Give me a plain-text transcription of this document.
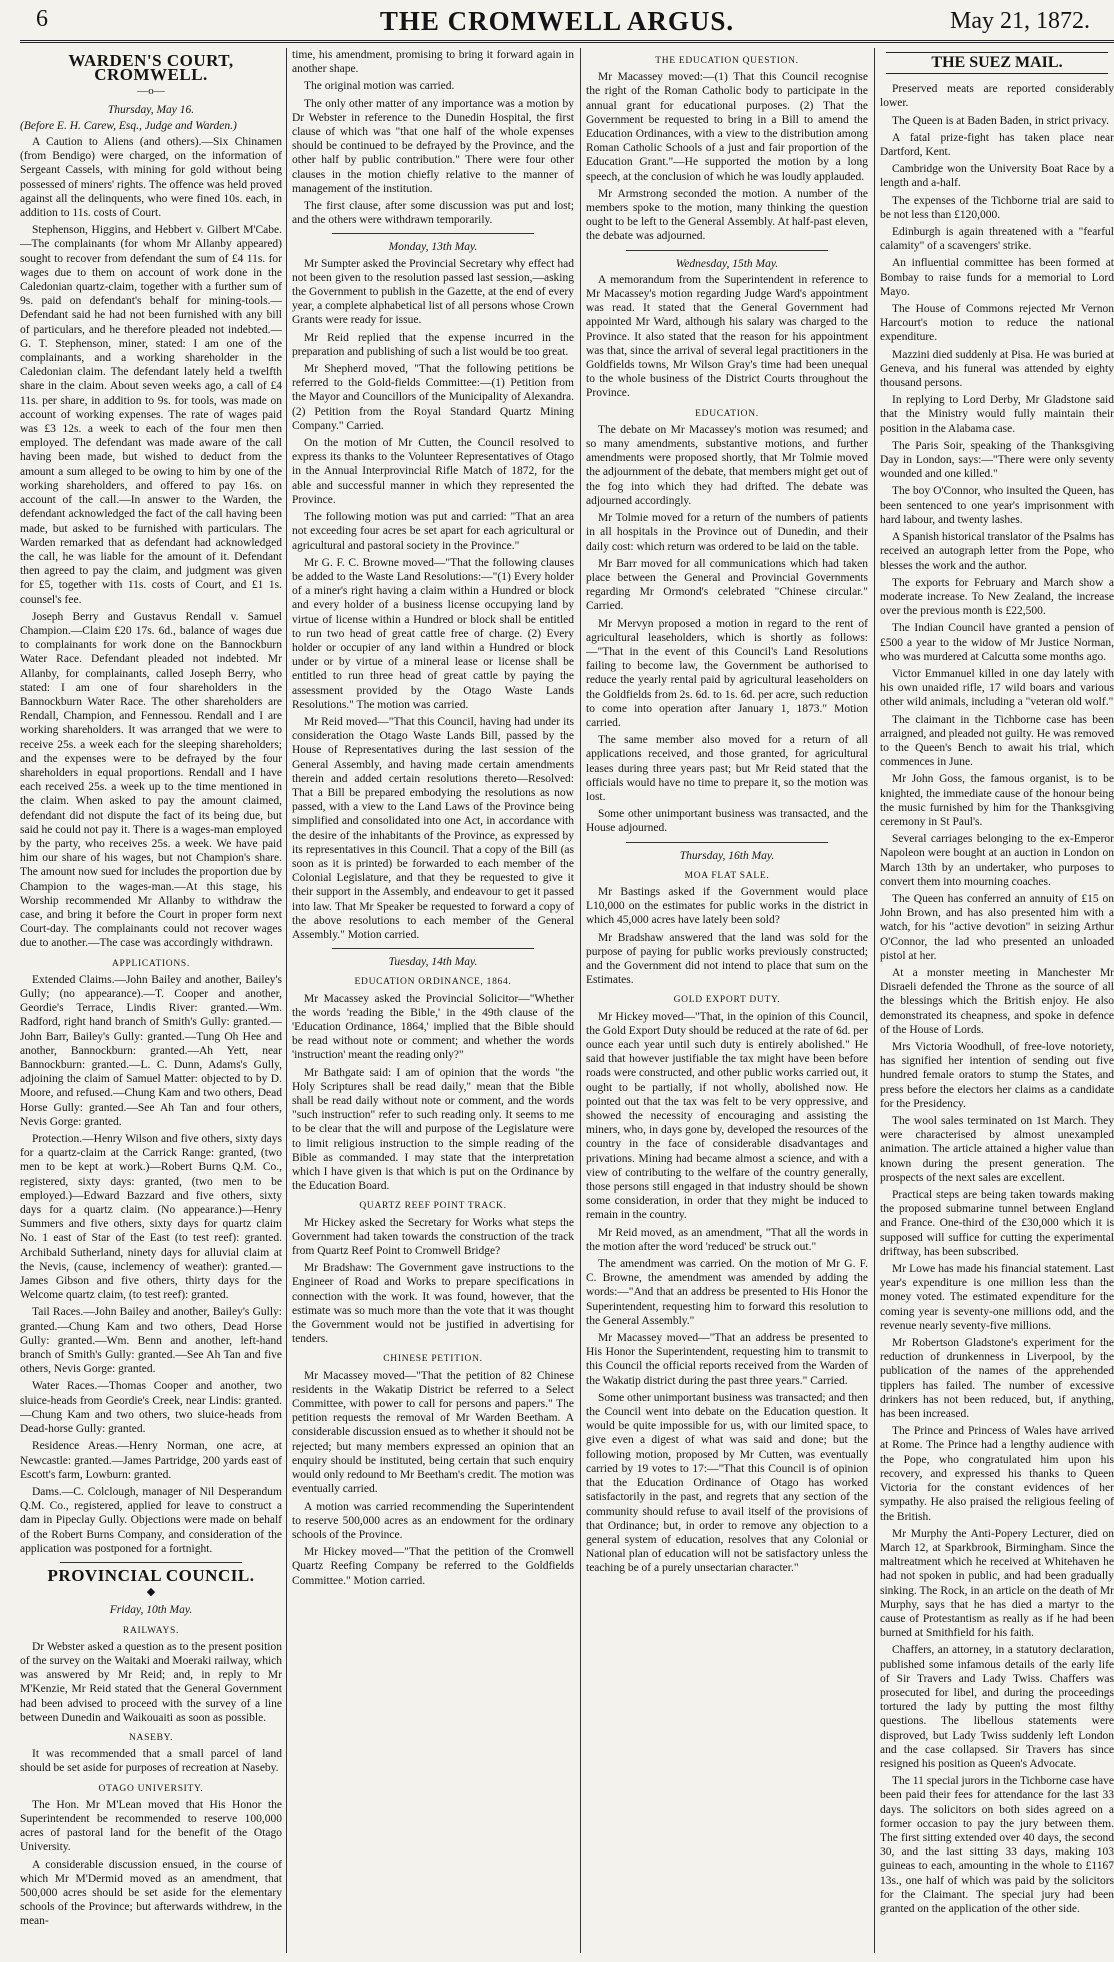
6	THE CROMWELL ARGUS.	May 21, 1872.
WARDEN'S COURT, CROMWELL.
—o—
Thursday, May 16.
(Before E. H. Carew, Esq., Judge and Warden.)

A Caution to Aliens (and others).—Six Chinamen (from Bendigo) were charged, on the information of Sergeant Cassels, with mining for gold without being possessed of miners' rights. The offence was held proved against all the delinquents, who were fined 10s. each, in addition to 11s. costs of Court.

Stephenson, Higgins, and Hebbert v. Gilbert M'Cabe.—The complainants (for whom Mr Allanby appeared) sought to recover from defendant the sum of £4 11s. for wages due to them on account of work done in the Caledonian quartz-claim, together with a further sum of 9s. paid on defendant's behalf for mining-tools.—Defendant said he had not been furnished with any bill of particulars, and he therefore pleaded not indebted.—G. T. Stephenson, miner, stated: I am one of the complainants, and a working shareholder in the Caledonian claim. The defendant lately held a twelfth share in the claim. About seven weeks ago, a call of £4 11s. per share, in addition to 9s. for tools, was made on account of working expenses. The rate of wages paid was £3 12s. a week to each of the four men then employed. The defendant was made aware of the call having been made, but wished to deduct from the amount a sum alleged to be owing to him by one of the working shareholders, and offered to pay 16s. on account of the call.—In answer to the Warden, the defendant acknowledged the fact of the call having been made, but asked to be furnished with particulars. The Warden remarked that as defendant had acknowledged the call, he was liable for the amount of it. Defendant then agreed to pay the claim, and judgment was given for £5, together with 11s. costs of Court, and £1 1s. counsel's fee.

Joseph Berry and Gustavus Rendall v. Samuel Champion.—Claim £20 17s. 6d., balance of wages due to complainants for work done on the Bannockburn Water Race. Defendant pleaded not indebted. Mr Allanby, for complainants, called Joseph Berry, who stated: I am one of four shareholders in the Bannockburn Water Race. The other shareholders are Rendall, Champion, and Fennessou. Rendall and I are working shareholders. It was arranged that we were to receive 25s. a week each for the sleeping shareholders; and the expenses were to be defrayed by the four shareholders in equal proportions. Rendall and I have each received 25s. a week up to the time mentioned in the claim. When asked to pay the amount claimed, defendant did not dispute the fact of its being due, but said he could not pay it. There is a wages-man employed by the party, who receives 25s. a week. We have paid him our share of his wages, but not Champion's share. The amount now sued for includes the proportion due by Champion to the wages-man.—At this stage, his Worship recommended Mr Allanby to withdraw the case, and bring it before the Court in proper form next Court-day. The complainants could not recover wages due to another.—The case was accordingly withdrawn.

APPLICATIONS.

Extended Claims.—John Bailey and another, Bailey's Gully; (no appearance).—T. Cooper and another, Geordie's Terrace, Lindis River: granted.—Wm. Radford, right hand branch of Smith's Gully: granted.—John Barr, Bailey's Gully: granted.—Tung Oh Hee and another, Bannockburn: granted.—Ah Yett, near Bannockburn: granted.—L. C. Dunn, Adams's Gully, adjoining the claim of Samuel Matter: objected to by D. Moore, and refused.—Chung Kam and two others, Dead Horse Gully: granted.—See Ah Tan and four others, Nevis Gorge: granted.

Protection.—Henry Wilson and five others, sixty days for a quartz-claim at the Carrick Range: granted, (two men to be kept at work.)—Robert Burns Q.M. Co., registered, sixty days: granted, (two men to be employed.)—Edward Bazzard and five others, sixty days for a quartz claim. (No appearance.)—Henry Summers and five others, sixty days for quartz claim No. 1 east of Star of the East (to test reef): granted. Archibald Sutherland, ninety days for alluvial claim at the Nevis, (cause, inclemency of weather): granted.—James Gibson and five others, thirty days for the Welcome quartz claim, (to test reef): granted.

Tail Races.—John Bailey and another, Bailey's Gully: granted.—Chung Kam and two others, Dead Horse Gully: granted.—Wm. Benn and another, left-hand branch of Smith's Gully: granted.—See Ah Tan and five others, Nevis Gorge: granted.

Water Races.—Thomas Cooper and another, two sluice-heads from Geordie's Creek, near Lindis: granted.—Chung Kam and two others, two sluice-heads from Dead-horse Gully: granted.

Residence Areas.—Henry Norman, one acre, at Newcastle: granted.—James Partridge, 200 yards east of Escott's farm, Lowburn: granted.

Dams.—C. Colclough, manager of Nil Desperandum Q.M. Co., registered, applied for leave to construct a dam in Pipeclay Gully. Objections were made on behalf of the Robert Burns Company, and consideration of the application was postponed for a fortnight.

PROVINCIAL COUNCIL.
◆
Friday, 10th May.
RAILWAYS.

Dr Webster asked a question as to the present position of the survey on the Waitaki and Moeraki railway, which was answered by Mr Reid; and, in reply to Mr M'Kenzie, Mr Reid stated that the General Government had been advised to proceed with the survey of a line between Dunedin and Waikouaiti as soon as possible.

NASEBY.

It was recommended that a small parcel of land should be set aside for purposes of recreation at Naseby.

OTAGO UNIVERSITY.

The Hon. Mr M'Lean moved that His Honor the Superintendent be recommended to reserve 100,000 acres of pastoral land for the benefit of the Otago University.

A considerable discussion ensued, in the course of which Mr M'Dermid moved as an amendment, that 500,000 acres should be set aside for the elementary schools of the Province; but afterwards withdrew, in the mean-

time, his amendment, promising to bring it forward again in another shape.

The original motion was carried.

The only other matter of any importance was a motion by Dr Webster in reference to the Dunedin Hospital, the first clause of which was "that one half of the whole expenses should be continued to be defrayed by the Province, and the other half by public contribution." There were four other clauses in the motion chiefly relative to the manner of management of the institution.

The first clause, after some discussion was put and lost; and the others were withdrawn temporarily.

Monday, 13th May.

Mr Sumpter asked the Provincial Secretary why effect had not been given to the resolution passed last session,—asking the Government to publish in the Gazette, at the end of every year, a complete alphabetical list of all persons whose Crown Grants were ready for issue.

Mr Reid replied that the expense incurred in the preparation and publishing of such a list would be too great.

Mr Shepherd moved, "That the following petitions be referred to the Gold-fields Committee:—(1) Petition from the Mayor and Councillors of the Municipality of Alexandra. (2) Petition from the Royal Standard Quartz Mining Company." Carried.

On the motion of Mr Cutten, the Council resolved to express its thanks to the Volunteer Representatives of Otago in the Annual Interprovincial Rifle Match of 1872, for the able and successful manner in which they represented the Province.

The following motion was put and carried: "That an area not exceeding four acres be set apart for each agricultural or agricultural and pastoral society in the Province."

Mr G. F. C. Browne moved—"That the following clauses be added to the Waste Land Resolutions:—"(1) Every holder of a miner's right having a claim within a Hundred or block and every holder of a business license occupying land by virtue of license within a Hundred or block shall be entitled to run two head of great cattle free of charge. (2) Every holder or occupier of any land within a Hundred or block under or by virtue of a mineral lease or license shall be entitled to run three head of great cattle by paying the assessment provided by the Otago Waste Lands Resolutions." The motion was carried.

Mr Reid moved—"That this Council, having had under its consideration the Otago Waste Lands Bill, passed by the House of Representatives during the last session of the General Assembly, and having made certain amendments therein and added certain resolutions thereto—Resolved: That a Bill be prepared embodying the resolutions as now passed, with a view to the Land Laws of the Province being simplified and consolidated into one Act, in accordance with the desire of the inhabitants of the Province, as expressed by its representatives in this Council. That a copy of the Bill (as soon as it is printed) be forwarded to each member of the Colonial Legislature, and that they be requested to give it their support in the Assembly, and endeavour to get it passed into law. That Mr Speaker be requested to forward a copy of the above resolutions to each member of the General Assembly." Motion carried.

Tuesday, 14th May.
EDUCATION ORDINANCE, 1864.

Mr Macassey asked the Provincial Solicitor—"Whether the words 'reading the Bible,' in the 49th clause of the 'Education Ordinance, 1864,' implied that the Bible should be read without note or comment; and whether the words 'instruction' meant the reading only?"

Mr Bathgate said: I am of opinion that the words "the Holy Scriptures shall be read daily," mean that the Bible shall be read daily without note or comment, and the words "such instruction" refer to such reading only. It seems to me to be clear that the will and purpose of the Legislature were to limit religious instruction to the simple reading of the Bible as commanded. I may state that the interpretation which I have given is that which is put on the Ordinance by the Education Board.

QUARTZ REEF POINT TRACK.

Mr Hickey asked the Secretary for Works what steps the Government had taken towards the construction of the track from Quartz Reef Point to Cromwell Bridge?

Mr Bradshaw: The Government gave instructions to the Engineer of Road and Works to prepare specifications in connection with the work. It was found, however, that the estimate was so much more than the vote that it was thought the Government would not be justified in advertising for tenders.

CHINESE PETITION.

Mr Macassey moved—"That the petition of 82 Chinese residents in the Wakatip District be referred to a Select Committee, with power to call for persons and papers." The petition requests the removal of Mr Warden Beetham. A considerable discussion ensued as to whether it should not be rejected; but many members expressed an opinion that an enquiry should be instituted, being certain that such enquiry would only redound to Mr Beetham's credit. The motion was eventually carried.

A motion was carried recommending the Superintendent to reserve 500,000 acres as an endowment for the ordinary schools of the Province.

Mr Hickey moved—"That the petition of the Cromwell Quartz Reefing Company be referred to the Goldfields Committee." Motion carried.

THE EDUCATION QUESTION.

Mr Macassey moved:—(1) That this Council recognise the right of the Roman Catholic body to participate in the annual grant for educational purposes. (2) That the Government be requested to bring in a Bill to amend the Education Ordinances, with a view to the distribution among Roman Catholic Schools of a just and fair proportion of the Education Grant."—He supported the motion by a long speech, at the conclusion of which he was loudly applauded.

Mr Armstrong seconded the motion. A number of the members spoke to the motion, many thinking the question ought to be left to the General Assembly. At half-past eleven, the debate was adjourned.

Wednesday, 15th May.

A memorandum from the Superintendent in reference to Mr Macassey's motion regarding Judge Ward's appointment was read. It stated that the General Government had appointed Mr Ward, although his salary was charged to the Province. It also stated that the reason for his appointment was that, since the arrival of several legal practitioners in the Goldfields towns, Mr Wilson Gray's time had been unequal to the whole business of the District Courts throughout the Province.

EDUCATION.

The debate on Mr Macassey's motion was resumed; and so many amendments, substantive motions, and further amendments were proposed shortly, that Mr Tolmie moved the adjournment of the debate, that members might get out of the fog into which they had drifted. The debate was adjourned accordingly.

Mr Tolmie moved for a return of the numbers of patients in all hospitals in the Province out of Dunedin, and their daily cost: which return was ordered to be laid on the table.

Mr Barr moved for all communications which had taken place between the General and Provincial Governments regarding Mr Ormond's celebrated "Chinese circular." Carried.

Mr Mervyn proposed a motion in regard to the rent of agricultural leaseholders, which is shortly as follows:—"That in the event of this Council's Land Resolutions failing to become law, the Government be authorised to reduce the yearly rental paid by agricultural leaseholders on the Goldfields from 2s. 6d. to 1s. 6d. per acre, such reduction to come into operation after January 1, 1873." Motion carried.

The same member also moved for a return of all applications received, and those granted, for agricultural leases during three years past; but Mr Reid stated that the officials would have no time to prepare it, so the motion was lost.

Some other unimportant business was transacted, and the House adjourned.

Thursday, 16th May.
MOA FLAT SALE.

Mr Bastings asked if the Government would place L10,000 on the estimates for public works in the district in which 45,000 acres have lately been sold?

Mr Bradshaw answered that the land was sold for the purpose of paying for public works previously constructed; and the Government did not intend to place that sum on the Estimates.

GOLD EXPORT DUTY.

Mr Hickey moved—"That, in the opinion of this Council, the Gold Export Duty should be reduced at the rate of 6d. per ounce each year until such duty is entirely abolished." He said that however justifiable the tax might have been before roads were constructed, and other public works carried out, it ought to be partially, if not wholly, abolished now. He pointed out that the tax was felt to be very oppressive, and showed the necessity of encouraging and assisting the miners, who, in days gone by, developed the resources of the country in the face of considerable disadvantages and privations. Mining had became almost a science, and with a view of contributing to the welfare of the country generally, those persons still engaged in that industry should be shown some consideration, in order that they might be induced to remain in the country.

Mr Reid moved, as an amendment, "That all the words in the motion after the word 'reduced' be struck out."

The amendment was carried. On the motion of Mr G. F. C. Browne, the amendment was amended by adding the words:—"And that an address be presented to His Honor the Superintendent, requesting him to forward this resolution to the General Assembly."

Mr Macassey moved—"That an address be presented to His Honor the Superintendent, requesting him to transmit to this Council the official reports received from the Warden of the Wakatip district during the past three years." Carried.

Some other unimportant business was transacted; and then the Council went into debate on the Education question. It would be quite impossible for us, with our limited space, to give even a digest of what was said and done; but the following motion, proposed by Mr Cutten, was eventually carried by 19 votes to 17:—"That this Council is of opinion that the Education Ordinance of Otago has worked satisfactorily in the past, and regrets that any section of the community should refuse to avail itself of the provisions of that Ordinance; but, in order to remove any objection to a general system of education, resolves that any Colonial or National plan of education will not be satisfactory unless the teaching be of a purely unsectarian character."

THE SUEZ MAIL.

Preserved meats are reported considerably lower.

The Queen is at Baden Baden, in strict privacy.

A fatal prize-fight has taken place near Dartford, Kent.

Cambridge won the University Boat Race by a length and a-half.

The expenses of the Tichborne trial are said to be not less than £120,000.

Edinburgh is again threatened with a "fearful calamity" of a scavengers' strike.

An influential committee has been formed at Bombay to raise funds for a memorial to Lord Mayo.

The House of Commons rejected Mr Vernon Harcourt's motion to reduce the national expenditure.

Mazzini died suddenly at Pisa. He was buried at Geneva, and his funeral was attended by eighty thousand persons.

In replying to Lord Derby, Mr Gladstone said that the Ministry would fully maintain their position in the Alabama case.

The Paris Soir, speaking of the Thanksgiving Day in London, says:—"There were only seventy wounded and one killed."

The boy O'Connor, who insulted the Queen, has been sentenced to one year's imprisonment with hard labour, and twenty lashes.

A Spanish historical translator of the Psalms has received an autograph letter from the Pope, who blesses the work and the author.

The exports for February and March show a moderate increase. To New Zealand, the increase over the previous month is £22,500.

The Indian Council have granted a pension of £500 a year to the widow of Mr Justice Norman, who was murdered at Calcutta some months ago.

Victor Emmanuel killed in one day lately with his own unaided rifle, 17 wild boars and various other wild animals, including a "veteran old wolf."

The claimant in the Tichborne case has been arraigned, and pleaded not guilty. He was removed to the Queen's Bench to await his trial, which commences in June.

Mr John Goss, the famous organist, is to be knighted, the immediate cause of the honour being the music furnished by him for the Thanksgiving ceremony in St Paul's.

Several carriages belonging to the ex-Emperor Napoleon were bought at an auction in London on March 13th by an undertaker, who purposes to convert them into mourning coaches.

The Queen has conferred an annuity of £15 on John Brown, and has also presented him with a watch, for his "active devotion" in seizing Arthur O'Connor, the lad who presented an unloaded pistol at her.

At a monster meeting in Manchester Mr Disraeli defended the Throne as the source of all the blessings which the British enjoy. He also demonstrated its cheapness, and spoke in defence of the House of Lords.

Mrs Victoria Woodhull, of free-love notoriety, has signified her intention of sending out five hundred female orators to stump the States, and press before the electors her claims as a candidate for the Presidency.

The wool sales terminated on 1st March. They were characterised by almost unexampled animation. The article attained a higher value than known during the present generation. The prospects of the next sales are excellent.

Practical steps are being taken towards making the proposed submarine tunnel between England and France. One-third of the £30,000 which it is supposed will suffice for cutting the experimental driftway, has been subscribed.

Mr Lowe has made his financial statement. Last year's expenditure is one million less than the money voted. The estimated expenditure for the coming year is seventy-one millions odd, and the revenue nearly seventy-five millions.

Mr Robertson Gladstone's experiment for the reduction of drunkenness in Liverpool, by the publication of the names of the apprehended tipplers has failed. The number of excessive drinkers has not been reduced, but, if anything, has been increased.

The Prince and Princess of Wales have arrived at Rome. The Prince had a lengthy audience with the Pope, who congratulated him upon his recovery, and expressed his thanks to Queen Victoria for the constant evidences of her sympathy. He also praised the religious feeling of the British.

Mr Murphy the Anti-Popery Lecturer, died on March 12, at Sparkbrook, Birmingham. Since the maltreatment which he received at Whitehaven he had not spoken in public, and had been gradually sinking. The Rock, in an article on the death of Mr Murphy, says that he has died a martyr to the cause of Protestantism as really as if he had been burned at Smithfield for his faith.

Chaffers, an attorney, in a statutory declaration, published some infamous details of the early life of Sir Travers and Lady Twiss. Chaffers was prosecuted for libel, and during the proceedings tortured the lady by putting the most filthy questions. The libellous statements were disproved, but Lady Twiss suddenly left London and the case collapsed. Sir Travers has since resigned his position as Queen's Advocate.

The 11 special jurors in the Tichborne case have been paid their fees for attendance for the last 33 days. The solicitors on both sides agreed on a former occasion to pay the jury between them. The first sitting extended over 40 days, the second 30, and the last sitting 33 days, making 103 guineas to each, amounting in the whole to £1167 13s., one half of which was paid by the solicitors for the Claimant. The special jury had been granted on the application of the other side.
